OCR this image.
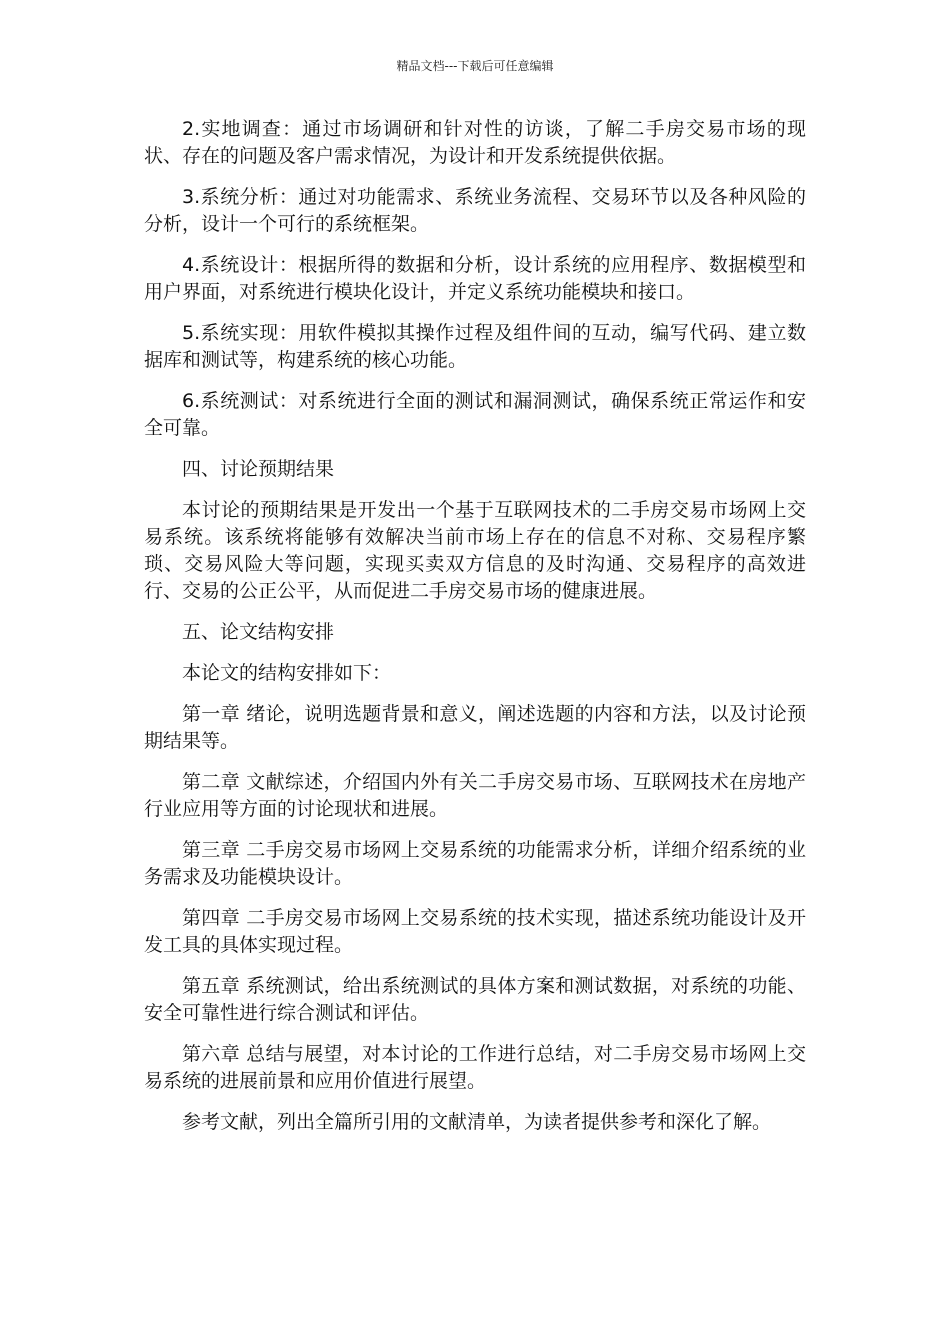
精品文档---下载后可任意编辑

2.实地调查：通过市场调研和针对性的访谈，了解二手房交易市场的现状、存在的问题及客户需求情况，为设计和开发系统提供依据。

3.系统分析：通过对功能需求、系统业务流程、交易环节以及各种风险的分析，设计一个可行的系统框架。

4.系统设计：根据所得的数据和分析，设计系统的应用程序、数据模型和用户界面，对系统进行模块化设计，并定义系统功能模块和接口。

5.系统实现：用软件模拟其操作过程及组件间的互动，编写代码、建立数据库和测试等，构建系统的核心功能。

6.系统测试：对系统进行全面的测试和漏洞测试，确保系统正常运作和安全可靠。

四、讨论预期结果

本讨论的预期结果是开发出一个基于互联网技术的二手房交易市场网上交易系统。该系统将能够有效解决当前市场上存在的信息不对称、交易程序繁琐、交易风险大等问题，实现买卖双方信息的及时沟通、交易程序的高效进行、交易的公正公平，从而促进二手房交易市场的健康进展。

五、论文结构安排

本论文的结构安排如下：

第一章 绪论，说明选题背景和意义，阐述选题的内容和方法，以及讨论预期结果等。

第二章 文献综述，介绍国内外有关二手房交易市场、互联网技术在房地产行业应用等方面的讨论现状和进展。

第三章 二手房交易市场网上交易系统的功能需求分析，详细介绍系统的业务需求及功能模块设计。

第四章 二手房交易市场网上交易系统的技术实现，描述系统功能设计及开发工具的具体实现过程。

第五章 系统测试，给出系统测试的具体方案和测试数据，对系统的功能、安全可靠性进行综合测试和评估。

第六章 总结与展望，对本讨论的工作进行总结，对二手房交易市场网上交易系统的进展前景和应用价值进行展望。

参考文献，列出全篇所引用的文献清单，为读者提供参考和深化了解。
